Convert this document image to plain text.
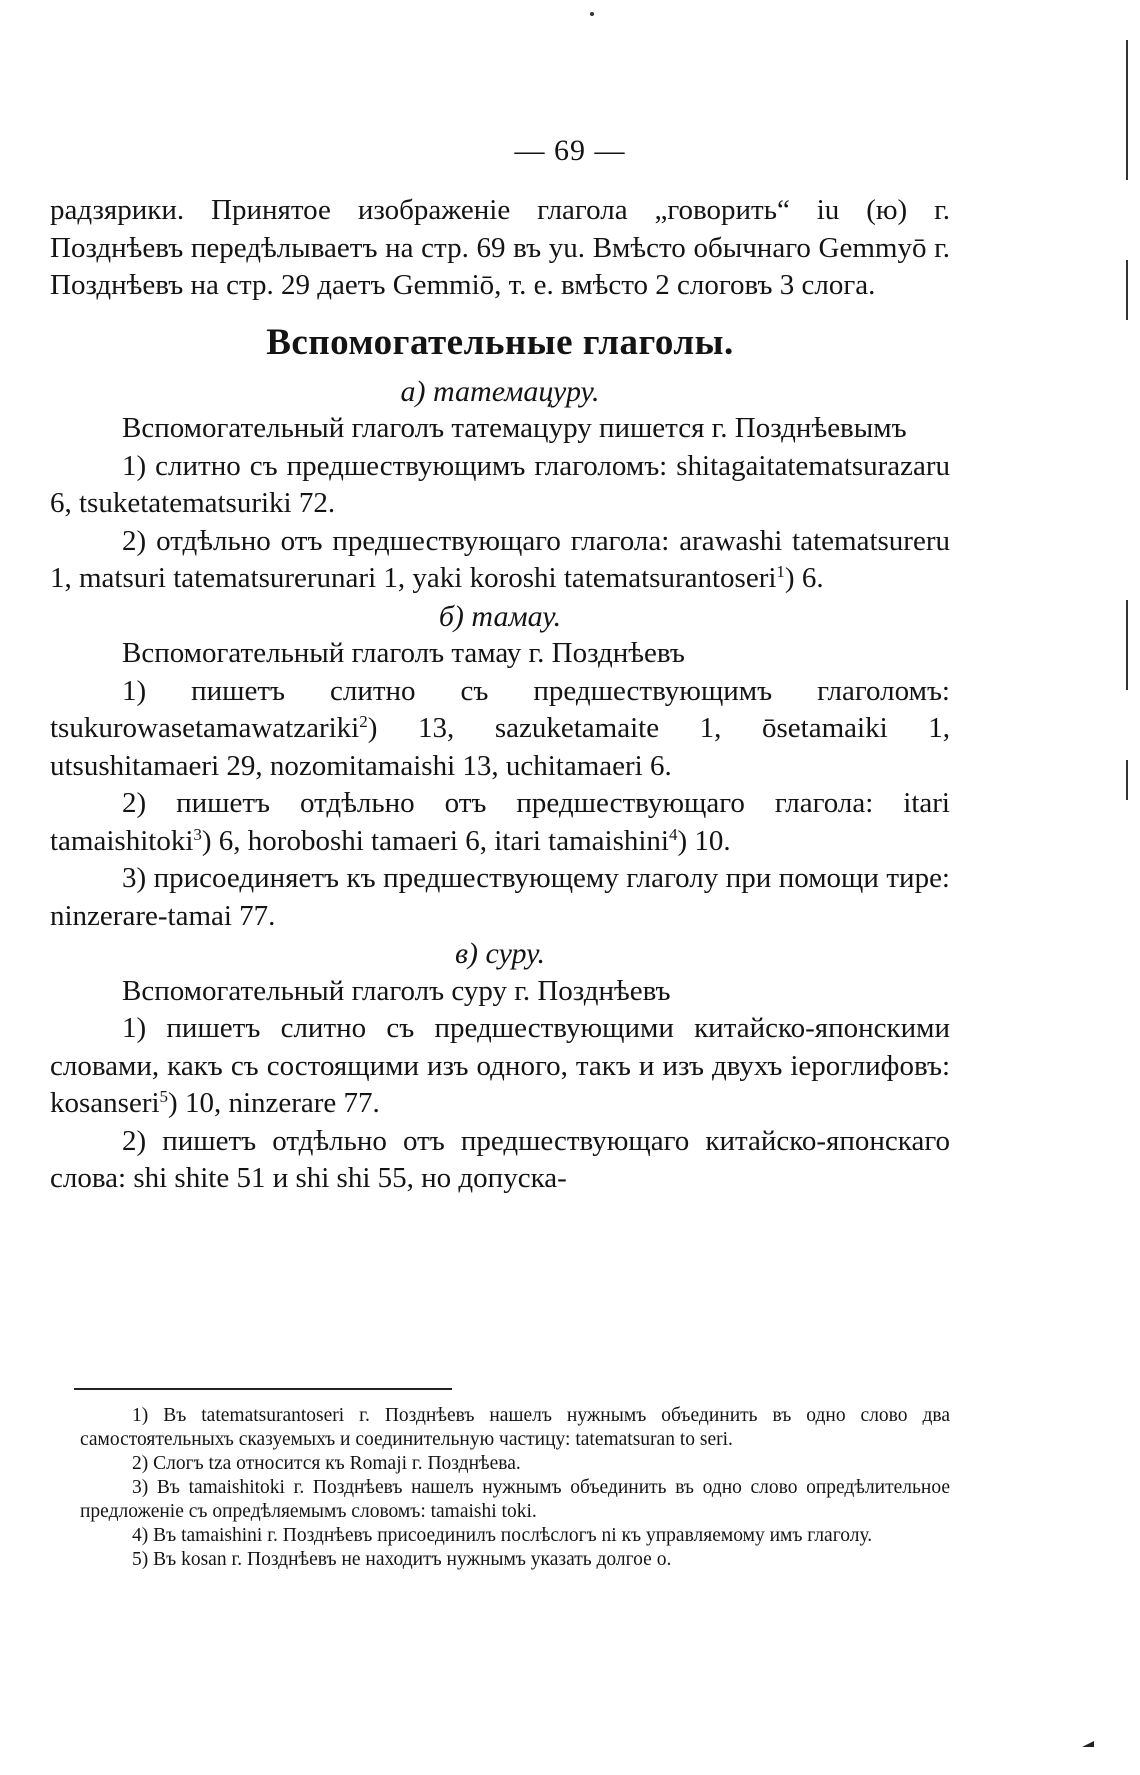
— 69 —

радзярики. Принятое изображенiе глагола „говорить“ iu (ю) г. Позднѣевъ передѣлываетъ на стр. 69 въ yu. Вмѣсто обычнаго Gemmyō г. Позднѣевъ на стр. 29 даетъ Gemmiō, т. е. вмѣсто 2 слоговъ 3 слога.

Вспомогательные глаголы.

а) татемацуру.

Вспомогательный глаголъ татемацуру пишется г. Позднѣевымъ

1) слитно съ предшествующимъ глаголомъ: shitagaitatematsurazaru 6, tsuketatematsuriki 72.

2) отдѣльно отъ предшествующаго глагола: arawashi tatematsureru 1, matsuri tatematsurerunari 1, yaki koroshi tatematsurantoseri$^1$) 6.

б) тамау.

Вспомогательный глаголъ тамау г. Позднѣевъ

1) пишетъ слитно съ предшествующимъ глаголомъ: tsukurowasetamawatzariki$^2$) 13, sazuketamaite 1, ōsetamaiki 1, utsushitamaeri 29, nozomitamaishi 13, uchitamaeri 6.

2) пишетъ отдѣльно отъ предшествующаго глагола: itari tamaishitoki$^3$) 6, horoboshi tamaeri 6, itari tamaishini$^4$) 10.

3) присоединяетъ къ предшествующему глаголу при помощи тире: ninzerare-tamai 77.

в) суру.

Вспомогательный глаголъ суру г. Позднѣевъ

1) пишетъ слитно съ предшествующими китайско-японскими словами, какъ съ состоящими изъ одного, такъ и изъ двухъ iероглифовъ: kosanseri$^5$) 10, ninzerare 77.

2) пишетъ отдѣльно отъ предшествующаго китайско-японскаго слова: shi shite 51 и shi shi 55, но допуска-

1) Въ tatematsurantoseri г. Позднѣевъ нашелъ нужнымъ объединить въ одно слово два самостоятельныхъ сказуемыхъ и соединительную частицу: tatematsuran to seri.

2) Слогъ tza относится къ Romaji г. Позднѣева.

3) Въ tamaishitoki г. Позднѣевъ нашелъ нужнымъ объединить въ одно слово опредѣлительное предложенiе съ опредѣляемымъ словомъ: tamaishi toki.

4) Въ tamaishini г. Позднѣевъ присоединилъ послѣслогъ ni къ управляемому имъ глаголу.

5) Въ kosan г. Позднѣевъ не находитъ нужнымъ указать долгое o.
